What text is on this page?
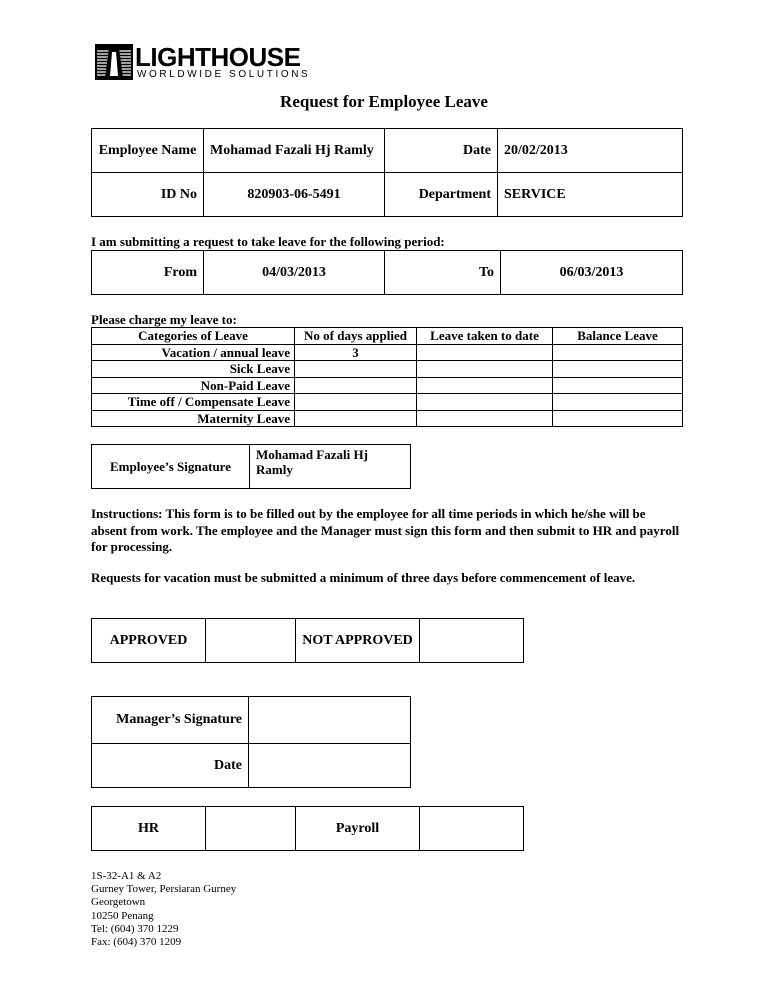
LIGHTHOUSE
WORLDWIDE SOLUTIONS
Request for Employee Leave
Employee Name	Mohamad Fazali Hj Ramly	Date	20/02/2013
ID No	820903-06-5491	Department	SERVICE
I am submitting a request to take leave for the following period:
From	04/03/2013	To	06/03/2013
Please charge my leave to:
Categories of Leave	No of days applied	Leave taken to date	Balance Leave
Vacation / annual leave	3		
Sick Leave			
Non-Paid Leave			
Time off / Compensate Leave			
Maternity Leave			
Employee’s Signature	Mohamad Fazali Hj Ramly
Instructions: This form is to be filled out by the employee for all time periods in which he/she will be absent from work. The employee and the Manager must sign this form and then submit to HR and payroll for processing.
Requests for vacation must be submitted a minimum of three days before commencement of leave.
APPROVED		NOT APPROVED	
Manager’s Signature	
Date	
HR		Payroll	
1S-32-A1 & A2
Gurney Tower, Persiaran Gurney
Georgetown
10250 Penang
Tel: (604) 370 1229
Fax: (604) 370 1209
